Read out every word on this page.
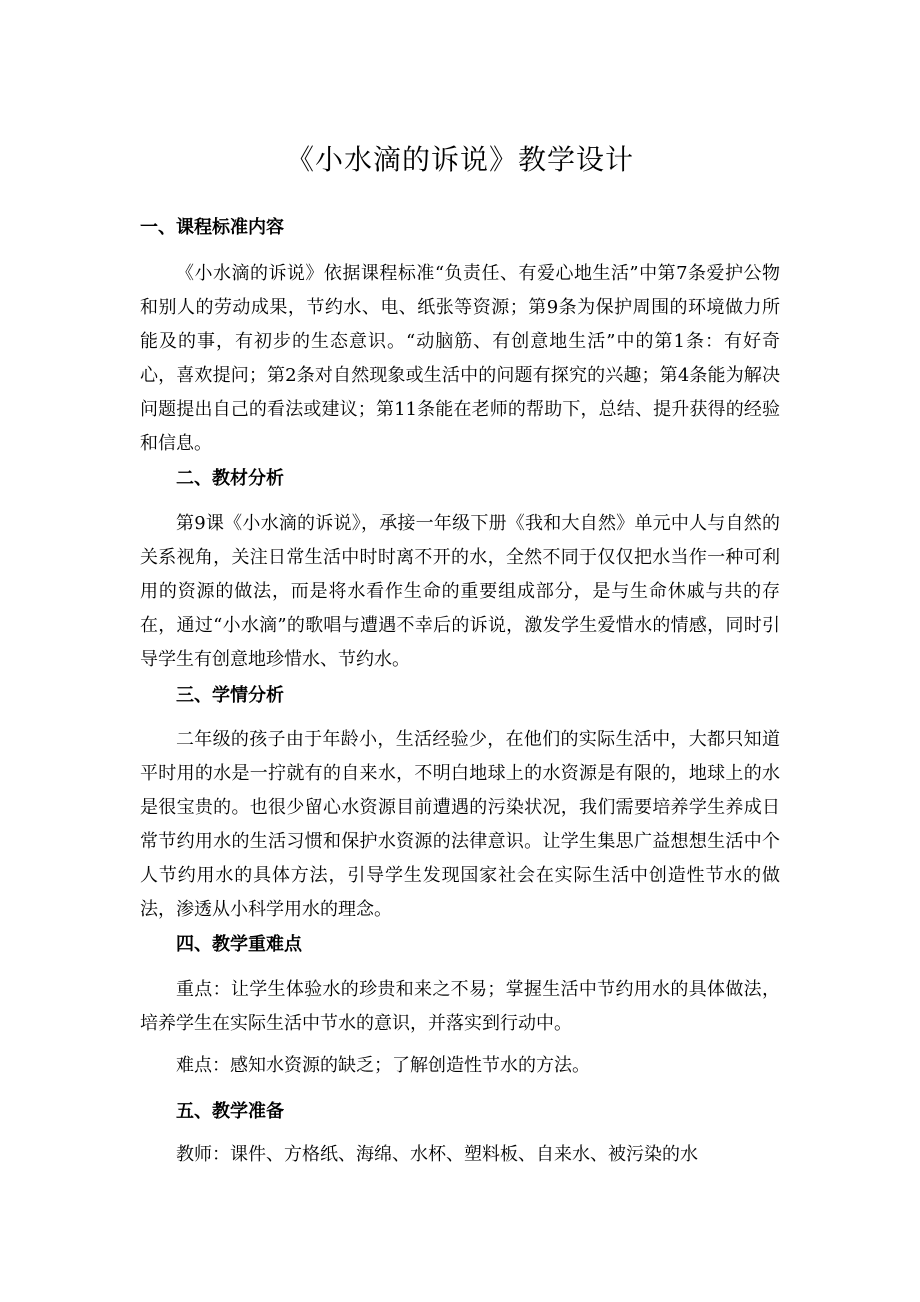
《小水滴的诉说》教学设计
一、课程标准内容
《小水滴的诉说》依据课程标准“负责任、有爱心地生活”中第7条爱护公物和别人的劳动成果，节约水、电、纸张等资源；第9条为保护周围的环境做力所能及的事，有初步的生态意识。“动脑筋、有创意地生活”中的第1条：有好奇心，喜欢提问；第2条对自然现象或生活中的问题有探究的兴趣；第4条能为解决问题提出自己的看法或建议；第11条能在老师的帮助下，总结、提升获得的经验和信息。
二、教材分析
第9课《小水滴的诉说》，承接一年级下册《我和大自然》单元中人与自然的关系视角，关注日常生活中时时离不开的水，全然不同于仅仅把水当作一种可利用的资源的做法，而是将水看作生命的重要组成部分，是与生命休戚与共的存在，通过“小水滴”的歌唱与遭遇不幸后的诉说，激发学生爱惜水的情感，同时引导学生有创意地珍惜水、节约水。
三、学情分析
二年级的孩子由于年龄小，生活经验少，在他们的实际生活中，大都只知道平时用的水是一拧就有的自来水，不明白地球上的水资源是有限的，地球上的水是很宝贵的。也很少留心水资源目前遭遇的污染状况，我们需要培养学生养成日常节约用水的生活习惯和保护水资源的法律意识。让学生集思广益想想生活中个人节约用水的具体方法，引导学生发现国家社会在实际生活中创造性节水的做法，渗透从小科学用水的理念。
四、教学重难点
重点：让学生体验水的珍贵和来之不易；掌握生活中节约用水的具体做法，培养学生在实际生活中节水的意识，并落实到行动中。
难点：感知水资源的缺乏；了解创造性节水的方法。
五、教学准备
教师：课件、方格纸、海绵、水杯、塑料板、自来水、被污染的水
